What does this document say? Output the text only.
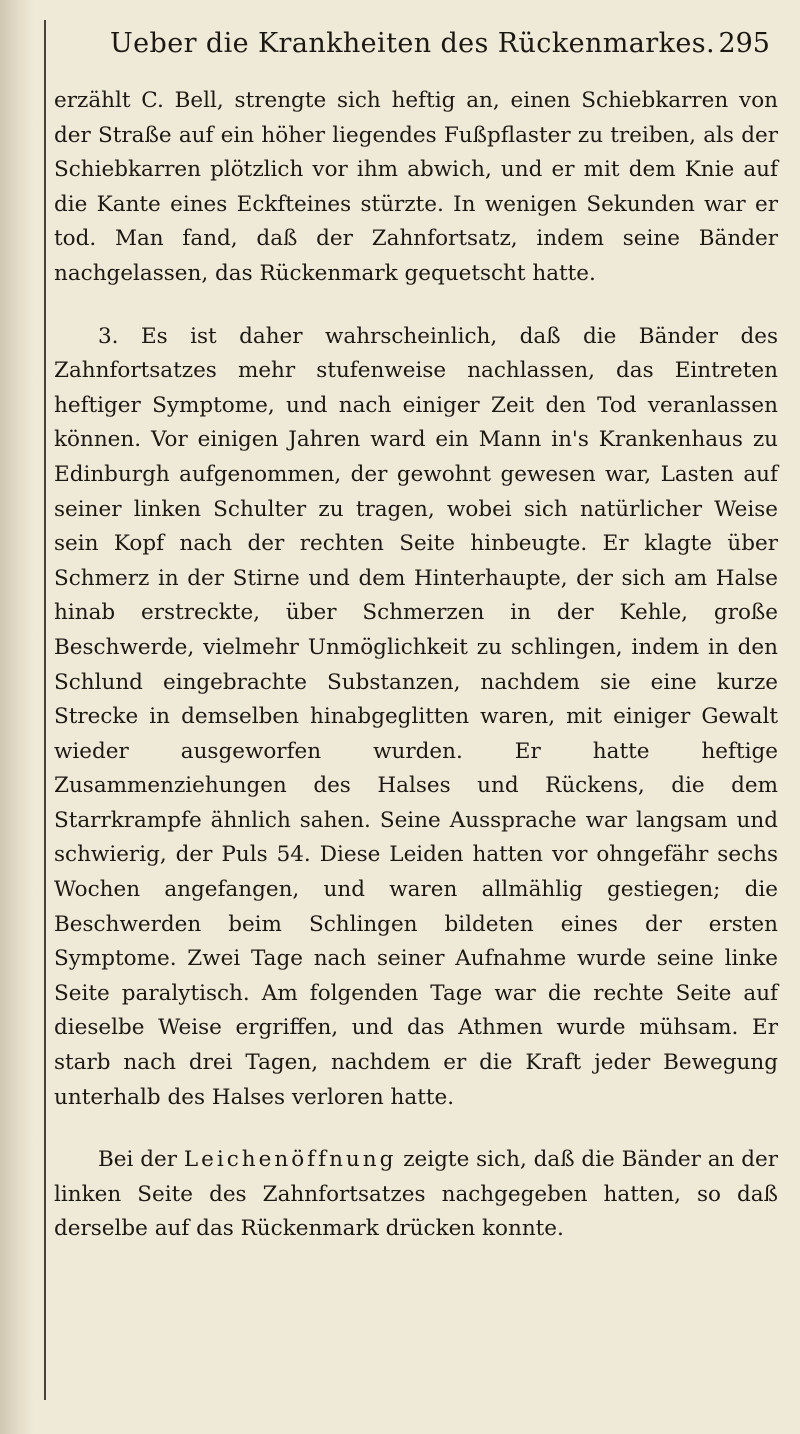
Ueber die Krankheiten des Rückenmarkes. 295

erzählt C. Bell, strengte sich heftig an, einen Schiebkarren von der Straße auf ein höher liegendes Fußpflaster zu treiben, als der Schiebkarren plötzlich vor ihm abwich, und er mit dem Knie auf die Kante eines Eckfteines stürzte. In wenigen Sekunden war er tod. Man fand, daß der Zahnfortsatz, indem seine Bänder nachgelassen, das Rückenmark gequetscht hatte.

3. Es ist daher wahrscheinlich, daß die Bänder des Zahnfortsatzes mehr stufenweise nachlassen, das Eintreten heftiger Symptome, und nach einiger Zeit den Tod veranlassen können. Vor einigen Jahren ward ein Mann in's Krankenhaus zu Edinburgh aufgenommen, der gewohnt gewesen war, Lasten auf seiner linken Schulter zu tragen, wobei sich natürlicher Weise sein Kopf nach der rechten Seite hinbeugte. Er klagte über Schmerz in der Stirne und dem Hinterhaupte, der sich am Halse hinab erstreckte, über Schmerzen in der Kehle, große Beschwerde, vielmehr Unmöglichkeit zu schlingen, indem in den Schlund eingebrachte Substanzen, nachdem sie eine kurze Strecke in demselben hinabgeglitten waren, mit einiger Gewalt wieder ausgeworfen wurden. Er hatte heftige Zusammenziehungen des Halses und Rückens, die dem Starrkrampfe ähnlich sahen. Seine Aussprache war langsam und schwierig, der Puls 54. Diese Leiden hatten vor ohngefähr sechs Wochen angefangen, und waren allmählig gestiegen; die Beschwerden beim Schlingen bildeten eines der ersten Symptome. Zwei Tage nach seiner Aufnahme wurde seine linke Seite paralytisch. Am folgenden Tage war die rechte Seite auf dieselbe Weise ergriffen, und das Athmen wurde mühsam. Er starb nach drei Tagen, nachdem er die Kraft jeder Bewegung unterhalb des Halses verloren hatte.

Bei der Leichenöffnung zeigte sich, daß die Bänder an der linken Seite des Zahnfortsatzes nachgegeben hatten, so daß derselbe auf das Rückenmark drücken konnte.
